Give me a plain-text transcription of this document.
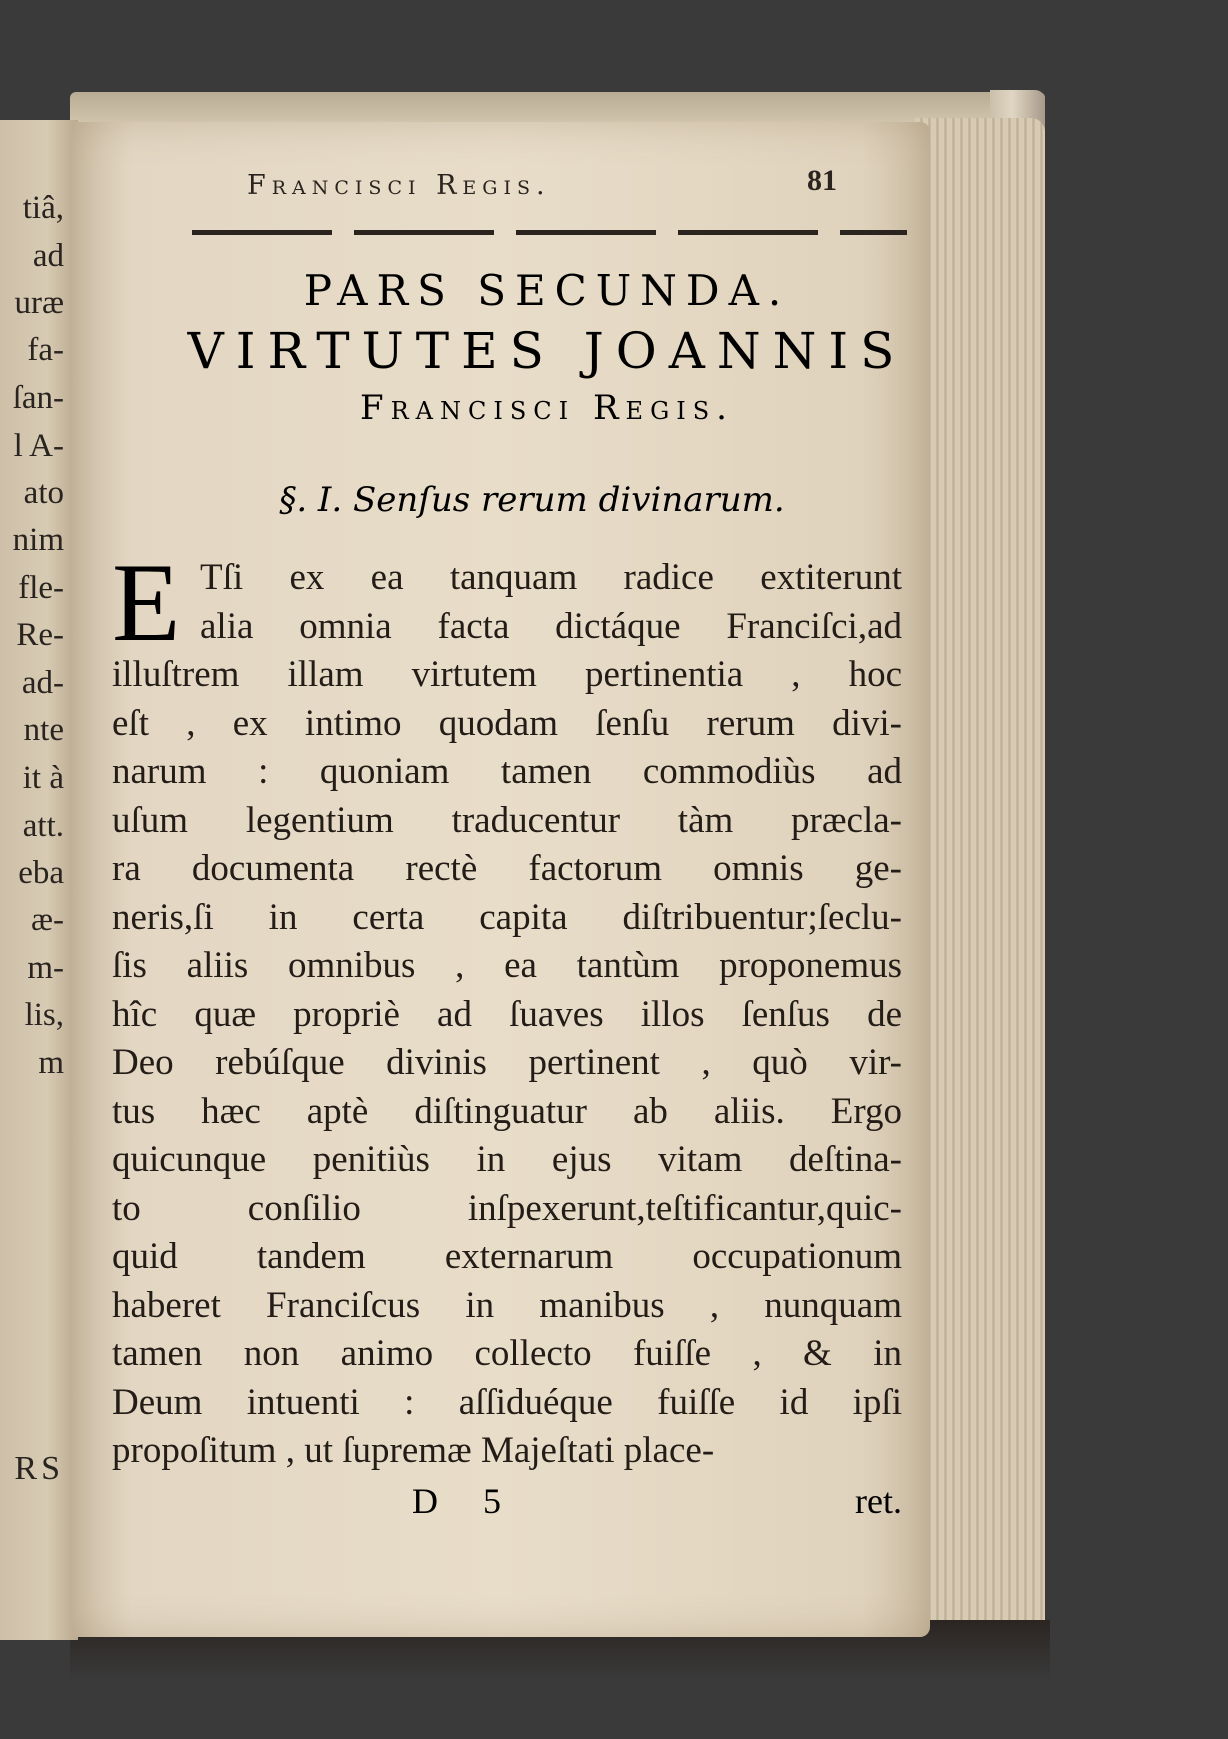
tiâ,
ad
uræ
fa-
ſan-
l A-
ato
nim
fle-
Re-
ad-
nte
it à
att.
eba
æ-
m-
lis,
m
RS
Francisci Regis.	81
PARS SECUNDA.
VIRTUTES JOANNIS
Francisci Regis.
§. I. Senſus rerum divinarum.
E Tſi ex ea tanquam radice extiterunt
alia omnia facta dictáque Franciſci,ad
illuſtrem illam virtutem pertinentia , hoc
eſt , ex intimo quodam ſenſu rerum divi-
narum : quoniam tamen commodiùs ad
uſum legentium traducentur tàm præcla-
ra documenta rectè factorum omnis ge-
neris,ſi in certa capita diſtribuentur;ſeclu-
ſis aliis omnibus , ea tantùm proponemus
hîc quæ propriè ad ſuaves illos ſenſus de
Deo rebúſque divinis pertinent , quò vir-
tus hæc aptè diſtinguatur ab aliis. Ergo
quicunque penitiùs in ejus vitam deſtina-
to conſilio inſpexerunt,teſtificantur,quic-
quid tandem externarum occupationum
haberet Franciſcus in manibus , nunquam
tamen non animo collecto fuiſſe , & in
Deum intuenti : aſſiduéque fuiſſe id ipſi
propoſitum , ut ſupremæ Majeſtati place-
D 5	ret.
